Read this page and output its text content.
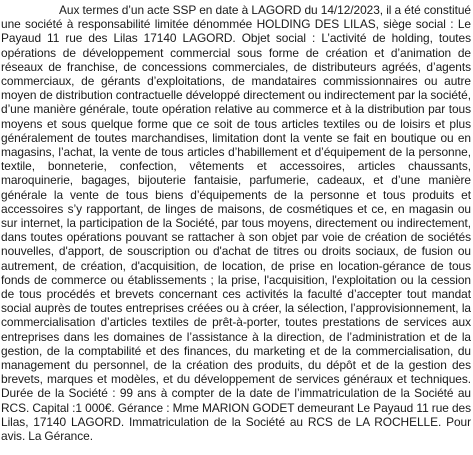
Aux termes d’un acte SSP en date à LAGORD du 14/12/2023, il a été constitué une société à responsabilité limitée dénommée HOLDING DES LILAS, siège social : Le Payaud 11 rue des Lilas 17140 LAGORD. Objet social : L’activité de holding, toutes opérations de développement commercial sous forme de création et d’animation de réseaux de franchise, de concessions commerciales, de distributeurs agréés, d’agents commerciaux, de gérants d’exploitations, de mandataires commissionnaires ou autre moyen de distribution contractuelle développé directement ou indirectement par la société, d’une manière générale, toute opération relative au commerce et à la distribution par tous moyens et sous quelque forme que ce soit de tous articles textiles ou de loisirs et plus généralement de toutes marchandises, limitation dont la vente se fait en boutique ou en magasins, l’achat, la vente de tous articles d’habillement et d’équipement de la personne, textile, bonneterie, confection, vêtements et accessoires, articles chaussants, maroquinerie, bagages, bijouterie fantaisie, parfumerie, cadeaux, et d’une manière générale la vente de tous biens d’équipements de la personne et tous produits et accessoires s’y rapportant, de linges de maisons, de cosmétiques et ce, en magasin ou sur internet, la participation de la Société, par tous moyens, directement ou indirectement, dans toutes opérations pouvant se rattacher à son objet par voie de création de sociétés nouvelles, d'apport, de souscription ou d'achat de titres ou droits sociaux, de fusion ou autrement, de création, d'acquisition, de location, de prise en location-gérance de tous fonds de commerce ou établissements ; la prise, l'acquisition, l'exploitation ou la cession de tous procédés et brevets concernant ces activités la faculté d’accepter tout mandat social auprès de toutes entreprises créées ou à créer, la sélection, l’approvisionnement, la commercialisation d’articles textiles de prêt-à-porter, toutes prestations de services aux entreprises dans les domaines de l’assistance à la direction, de l’administration et de la gestion, de la comptabilité et des finances, du marketing et de la commercialisation, du management du personnel, de la création des produits, du dépôt et de la gestion des brevets, marques et modèles, et du développement de services généraux et techniques. Durée de la Société : 99 ans à compter de la date de l’immatriculation de la Société au RCS. Capital :1 000€. Gérance : Mme MARION GODET demeurant Le Payaud 11 rue des Lilas, 17140 LAGORD. Immatriculation de la Société au RCS de LA ROCHELLE. Pour avis. La Gérance.
